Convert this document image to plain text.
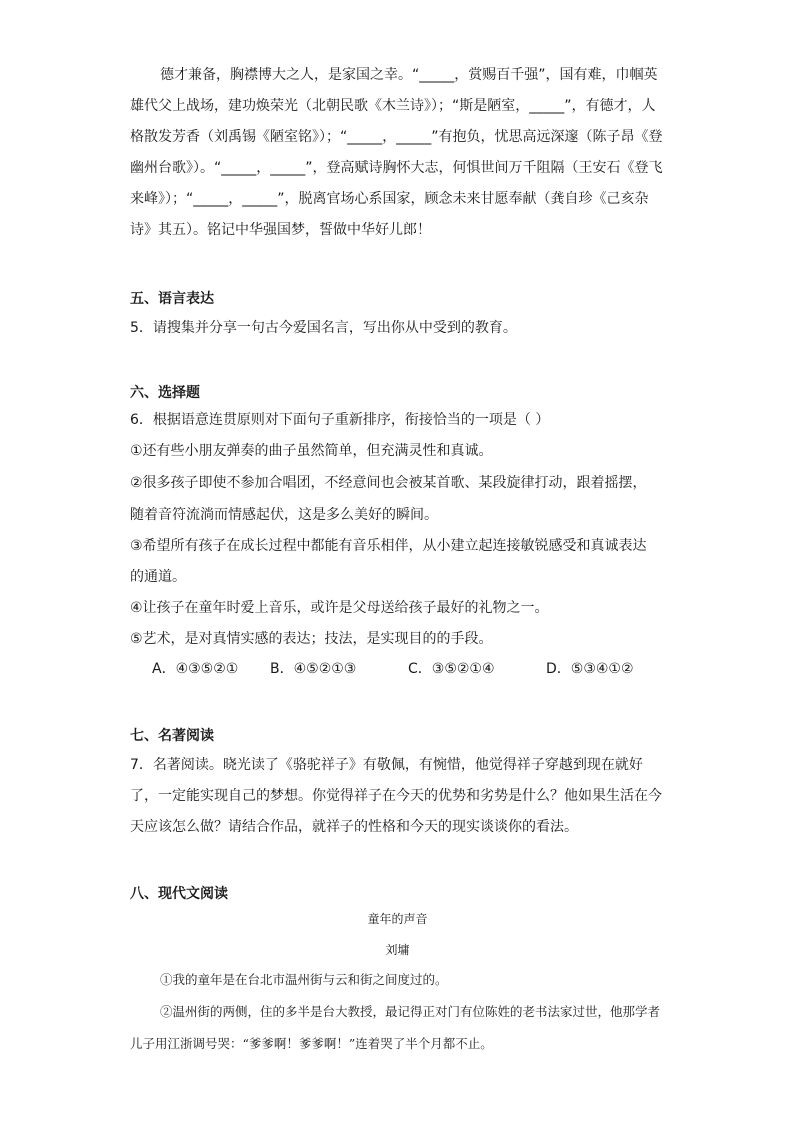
德才兼备，胸襟博大之人，是家国之幸。“_____，赏赐百千强”，国有难，巾帼英雄代父上战场，建功焕荣光（北朝民歌《木兰诗》）；“斯是陋室，_____”，有德才，人格散发芳香（刘禹锡《陋室铭》）；“_____，_____”有抱负，忧思高远深邃（陈子昂《登幽州台歌》）。“_____，_____”，登高赋诗胸怀大志，何惧世间万千阻隔（王安石《登飞来峰》）；“_____，_____”，脱离官场心系国家，顾念未来甘愿奉献（龚自珍《己亥杂诗》其五）。铭记中华强国梦，誓做中华好儿郎！

五、语言表达

5．请搜集并分享一句古今爱国名言，写出你从中受到的教育。

六、选择题

6．根据语意连贯原则对下面句子重新排序，衔接恰当的一项是（ ）

①还有些小朋友弹奏的曲子虽然简单，但充满灵性和真诚。

②很多孩子即使不参加合唱团，不经意间也会被某首歌、某段旋律打动，跟着摇摆，

随着音符流淌而情感起伏，这是多么美好的瞬间。

③希望所有孩子在成长过程中都能有音乐相伴，从小建立起连接敏锐感受和真诚表达

的通道。

④让孩子在童年时爱上音乐，或许是父母送给孩子最好的礼物之一。

⑤艺术，是对真情实感的表达；技法，是实现目的的手段。

A．④③⑤②① B．④⑤②①③	C．③⑤②①④	D．⑤③④①②

七、名著阅读

7．名著阅读。晓光读了《骆驼祥子》有敬佩，有惋惜，他觉得祥子穿越到现在就好了，一定能实现自己的梦想。你觉得祥子在今天的优势和劣势是什么？他如果生活在今天应该怎么做？请结合作品，就祥子的性格和今天的现实谈谈你的看法。

八、现代文阅读

童年的声音
刘墉

①我的童年是在台北市温州街与云和街之间度过的。

②温州街的两侧，住的多半是台大教授，最记得正对门有位陈姓的老书法家过世，他那学者儿子用江浙调号哭：“爹爹啊！爹爹啊！”连着哭了半个月都不止。
